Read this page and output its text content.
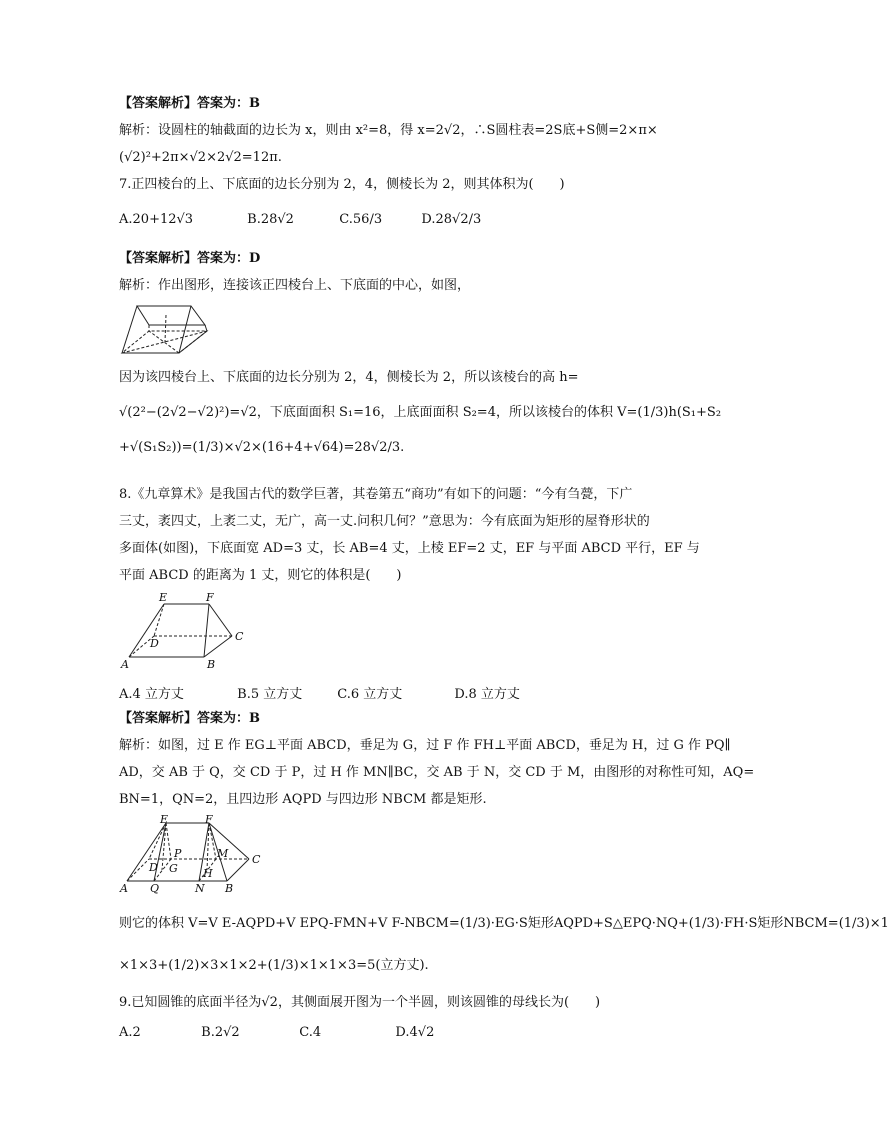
【答案解析】答案为：B
解析：设圆柱的轴截面的边长为 x，则由 x²=8，得 x=2√2，∴S圆柱表=2S底+S侧=2×π×
(√2)²+2π×√2×2√2=12π.
7.正四棱台的上、下底面的边长分别为 2，4，侧棱长为 2，则其体积为(　　)
A.20+12√3	B.28√2	C.56/3	D.28√2/3
【答案解析】答案为：D
解析：作出图形，连接该正四棱台上、下底面的中心，如图，
因为该四棱台上、下底面的边长分别为 2，4，侧棱长为 2，所以该棱台的高 h=
√(2²−(2√2−√2)²)=√2，下底面面积 S₁=16，上底面面积 S₂=4，所以该棱台的体积 V=(1/3)h(S₁+S₂
+√(S₁S₂))=(1/3)×√2×(16+4+√64)=28√2/3.
8.《九章算术》是我国古代的数学巨著，其卷第五“商功”有如下的问题：“今有刍甍，下广
三丈，袤四丈，上袤二丈，无广，高一丈.问积几何？”意思为：今有底面为矩形的屋脊形状的
多面体(如图)，下底面宽 AD=3 丈，长 AB=4 丈，上棱 EF=2 丈，EF 与平面 ABCD 平行，EF 与
平面 ABCD 的距离为 1 丈，则它的体积是(　　)
E	F
D
C
A	B
A.4 立方丈	B.5 立方丈	C.6 立方丈	D.8 立方丈
【答案解析】答案为：B
解析：如图，过 E 作 EG⊥平面 ABCD，垂足为 G，过 F 作 FH⊥平面 ABCD，垂足为 H，过 G 作 PQ∥
AD，交 AB 于 Q，交 CD 于 P，过 H 作 MN∥BC，交 AB 于 N，交 CD 于 M，由图形的对称性可知，AQ=
BN=1，QN=2，且四边形 AQPD 与四边形 NBCM 都是矩形.
E	F
P	M
D G H
C
A Q	N B
则它的体积 V=V E-AQPD+V EPQ-FMN+V F-NBCM=(1/3)·EG·S矩形AQPD+S△EPQ·NQ+(1/3)·FH·S矩形NBCM=(1/3)×1
×1×3+(1/2)×3×1×2+(1/3)×1×1×3=5(立方丈).
9.已知圆锥的底面半径为√2，其侧面展开图为一个半圆，则该圆锥的母线长为(　　)
A.2	B.2√2	C.4	D.4√2
